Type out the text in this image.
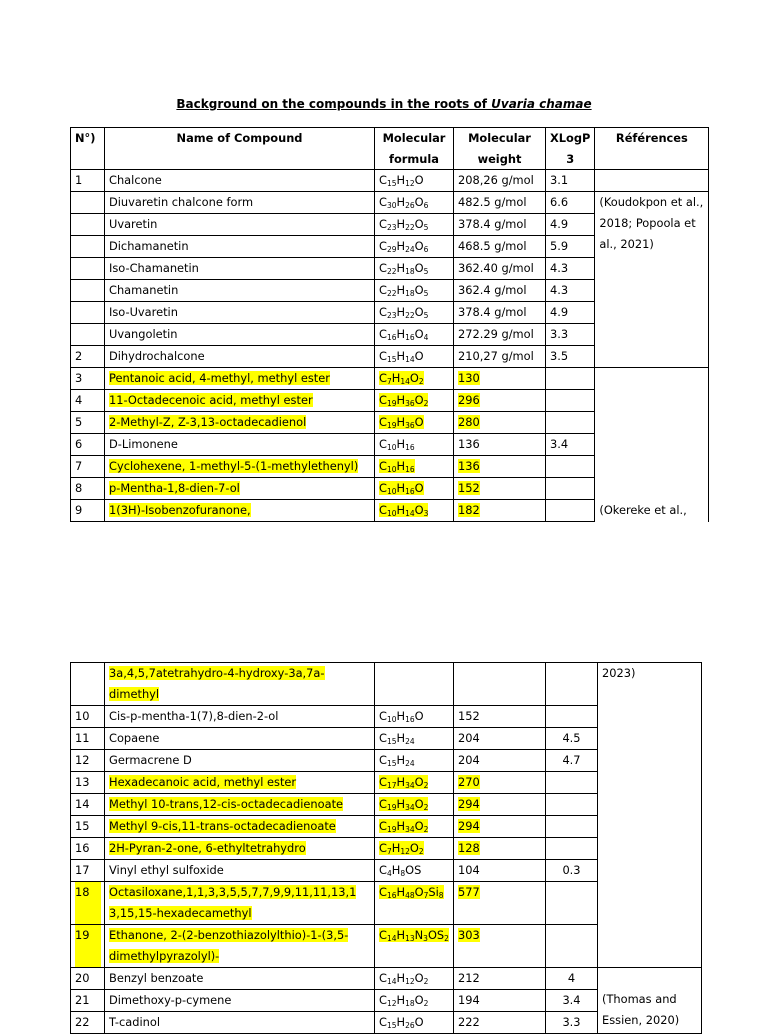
Background on the compounds in the roots of Uvaria chamae
N°)	Name of Compound	Molecular formula	Molecular weight	XLogP 3	Références
1	Chalcone	$C_{15}H_{12}O$	208,26 g/mol	3.1	
	Diuvaretin chalcone form	$C_{30}H_{26}O_6$	482.5 g/mol	6.6	(Koudokpon et al., 2018; Popoola et al., 2021)
	Uvaretin	$C_{23}H_{22}O_5$	378.4 g/mol	4.9	
	Dichamanetin	$C_{29}H_{24}O_6$	468.5 g/mol	5.9	
	Iso-Chamanetin	$C_{22}H_{18}O_5$	362.40 g/mol	4.3	
	Chamanetin	$C_{22}H_{18}O_5$	362.4 g/mol	4.3	
	Iso-Uvaretin	$C_{23}H_{22}O_5$	378.4 g/mol	4.9	
	Uvangoletin	$C_{16}H_{16}O_4$	272.29 g/mol	3.3	
2	Dihydrochalcone	$C_{15}H_{14}O$	210,27 g/mol	3.5	
3	Pentanoic acid, 4-methyl, methyl ester	$C_7H_{14}O_2$	130		
4	11-Octadecenoic acid, methyl ester	$C_{19}H_{36}O_2$	296		
5	2-Methyl-Z, Z-3,13-octadecadienol	$C_{19}H_{36}O$	280		
6	D-Limonene	$C_{10}H_{16}$	136	3.4	
7	Cyclohexene, 1-methyl-5-(1-methylethenyl)	$C_{10}H_{16}$	136		
8	p-Mentha-1,8-dien-7-ol	$C_{10}H_{16}O$	152		
9	1(3H)-Isobenzofuranone,	$C_{10}H_{14}O_3$	182		(Okereke et al.,
	3a,4,5,7atetrahydro-4-hydroxy-3a,7a-dimethyl				2023)
10	Cis-p-mentha-1(7),8-dien-2-ol	$C_{10}H_{16}O$	152		
11	Copaene	$C_{15}H_{24}$	204	4.5	
12	Germacrene D	$C_{15}H_{24}$	204	4.7	
13	Hexadecanoic acid, methyl ester	$C_{17}H_{34}O_2$	270		
14	Methyl 10-trans,12-cis-octadecadienoate	$C_{19}H_{34}O_2$	294		
15	Methyl 9-cis,11-trans-octadecadienoate	$C_{19}H_{34}O_2$	294		
16	2H-Pyran-2-one, 6-ethyltetrahydro	$C_7H_{12}O_2$	128		
17	Vinyl ethyl sulfoxide	$C_4H_8OS$	104	0.3	
18	Octasiloxane,1,1,3,3,5,5,7,7,9,9,11,11,13,1 3,15,15-hexadecamethyl	$C_{16}H_{48}O_7Si_8$	577		
19	Ethanone, 2-(2-benzothiazolylthio)-1-(3,5-dimethylpyrazolyl)-	$C_{14}H_{13}N_3OS_2$	303		
20	Benzyl benzoate	$C_{14}H_{12}O_2$	212	4	(Thomas and Essien, 2020)
21	Dimethoxy-p-cymene	$C_{12}H_{18}O_2$	194	3.4	
22	T-cadinol	$C_{15}H_{26}O$	222	3.3	
